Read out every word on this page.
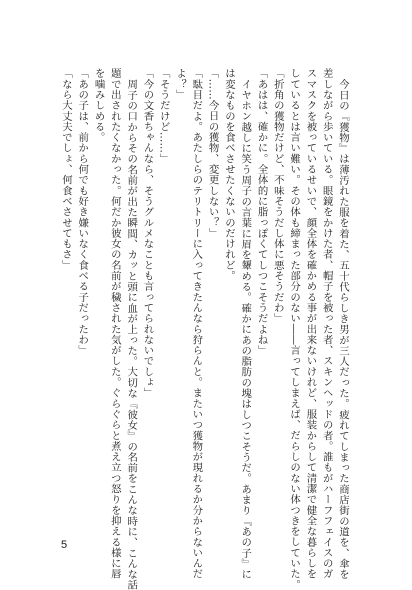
今日の『獲物』は薄汚れた服を着た、五十代らしき男が三人だった。疲れてしまった商店街の道を、傘を
差しながら歩いている。眼鏡をかけた者、帽子を被った者、スキンヘッドの者。誰もがハーフフェイスのガ
スマスクを被っているせいで、顔全体を確かめる事が出来ないけれど、服装からして清潔で健全な暮らしを
しているとは言い難い。その体も締まった部分のない――言ってしまえば、だらしのない体つきをしていた。
「折角の獲物だけど、不味そうだし体に悪そうだわ」
「あはは、確かに。全体的に脂っぽくてしつこそうだよね」
イヤホン越しに笑う周子の言葉に眉を顰める。確かにあの脂肪の塊はしつこそうだ。あまり『あの子』に
は変なものを食べさせたくないのだけれど。
「……今日の獲物、変更しない？」
「駄目だよ。あたしらのテリトリーに入ってきたんなら狩らんと。またいつ獲物が現れるか分からないんだ
よ？」
「そうだけど……」
「今の文香ちゃんなら、そうグルメなことも言ってられないでしょ」
周子の口からその名前が出た瞬間、カッと頭に血が上った。大切な『彼女』の名前をこんな時に、こんな話
題で出されたくなかった。何だか彼女の名前が穢された気がした。ぐらぐらと煮え立つ怒りを抑える様に唇
を噛みしめる。
「あの子は、前から何でも好き嫌いなく食べる子だったわ」
「なら大丈夫でしょ、何食べさせてもさ」
5
